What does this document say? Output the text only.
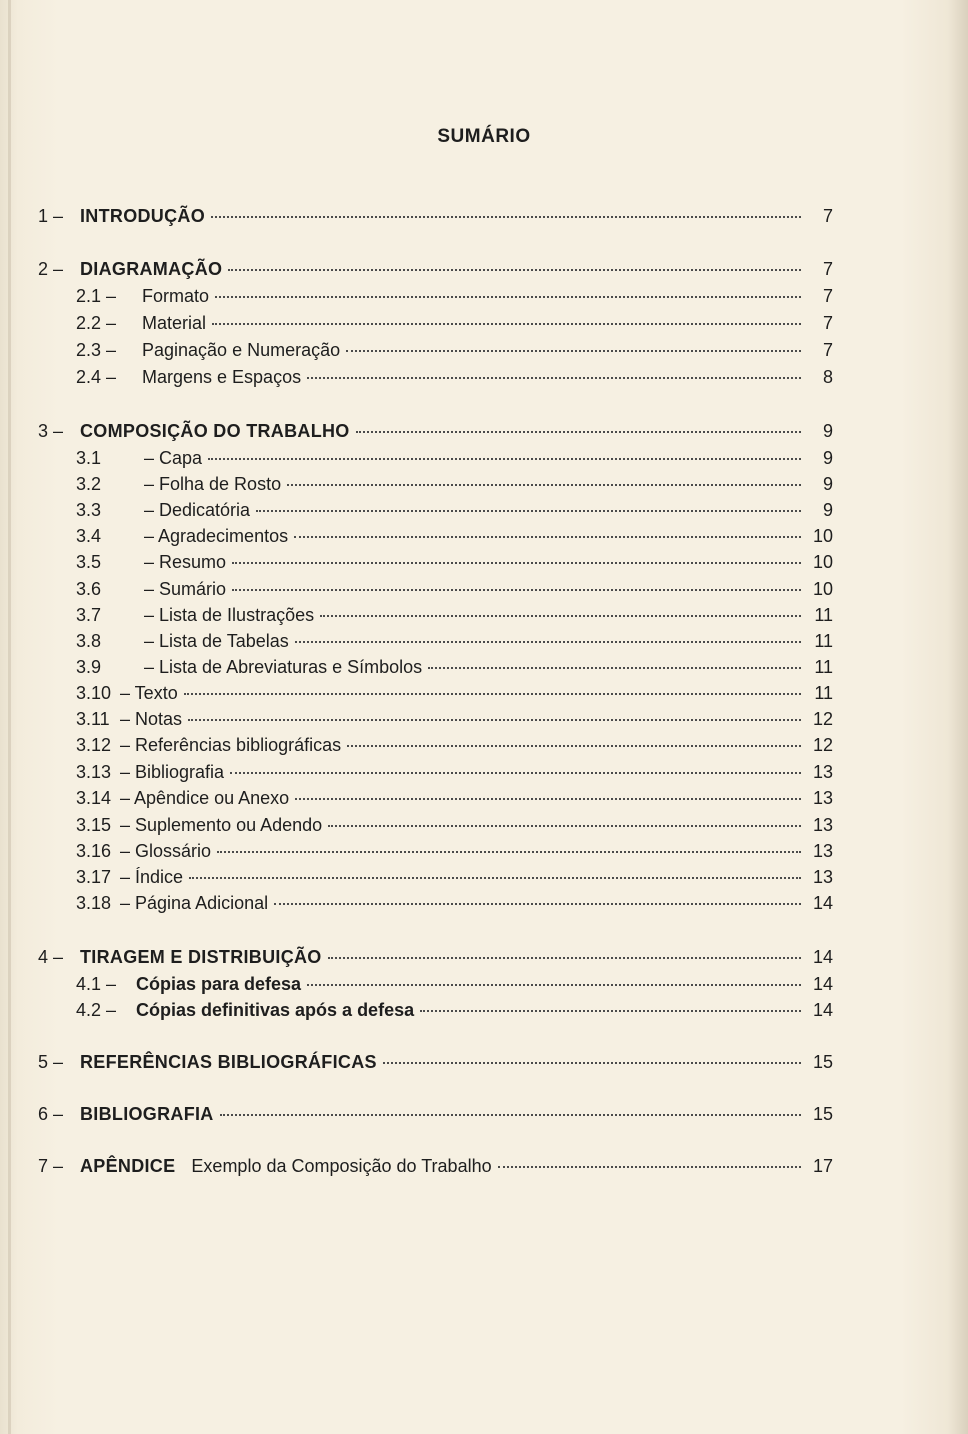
SUMÁRIO
1 – INTRODUÇÃO	7
2 – DIAGRAMAÇÃO	7
2.1 –	Formato	7
2.2 –	Material	7
2.3 –	Paginação e Numeração	7
2.4 –	Margens e Espaços	8
3 – COMPOSIÇÃO DO TRABALHO	9
3.1	– Capa	9
3.2	– Folha de Rosto	9
3.3	– Dedicatória	9
3.4	– Agradecimentos	10
3.5	– Resumo	10
3.6	– Sumário	10
3.7	– Lista de Ilustrações	11
3.8	– Lista de Tabelas	11
3.9	– Lista de Abreviaturas e Símbolos	11
3.10 – Texto	11
3.11 – Notas	12
3.12 – Referências bibliográficas	12
3.13 – Bibliografia	13
3.14 – Apêndice ou Anexo	13
3.15 – Suplemento ou Adendo	13
3.16 – Glossário	13
3.17 – Índice	13
3.18 – Página Adicional	14
4 – TIRAGEM E DISTRIBUIÇÃO	14
4.1 –	Cópias para defesa	14
4.2 –	Cópias definitivas após a defesa	14
5 – REFERÊNCIAS BIBLIOGRÁFICAS	15
6 – BIBLIOGRAFIA	15
7 – APÊNDICE Exemplo da Composição do Trabalho	17
